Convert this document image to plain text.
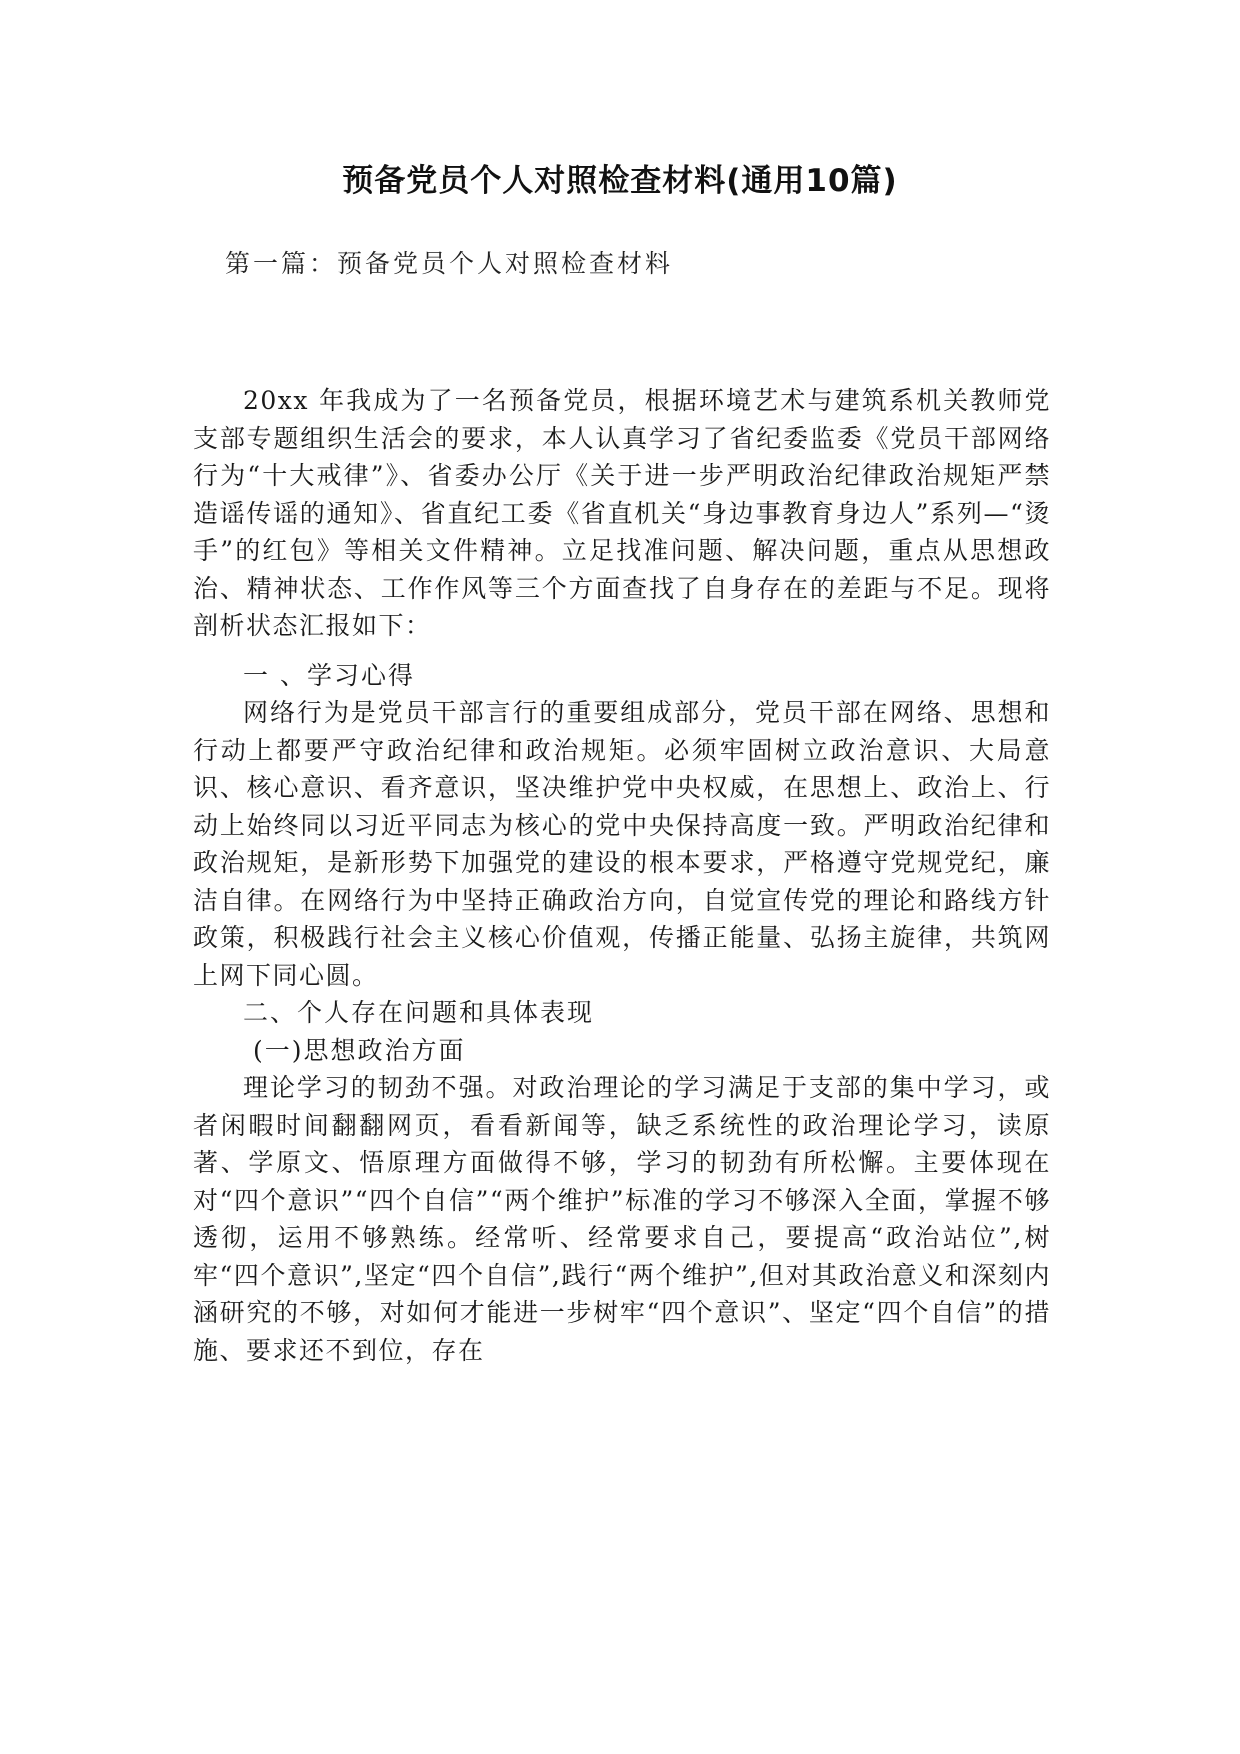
预备党员个人对照检查材料(通用10篇)
第一篇：预备党员个人对照检查材料

20xx 年我成为了一名预备党员，根据环境艺术与建筑系机关教师党支部专题组织生活会的要求，本人认真学习了省纪委监委《党员干部网络行为“十大戒律”》、省委办公厅《关于进一步严明政治纪律政治规矩严禁造谣传谣的通知》、省直纪工委《省直机关“身边事教育身边人”系列—“烫手”的红包》等相关文件精神。立足找准问题、解决问题，重点从思想政治、精神状态、工作作风等三个方面查找了自身存在的差距与不足。现将剖析状态汇报如下：

一 、学习心得

网络行为是党员干部言行的重要组成部分，党员干部在网络、思想和行动上都要严守政治纪律和政治规矩。必须牢固树立政治意识、大局意识、核心意识、看齐意识，坚决维护党中央权威，在思想上、政治上、行动上始终同以习近平同志为核心的党中央保持高度一致。严明政治纪律和政治规矩，是新形势下加强党的建设的根本要求，严格遵守党规党纪，廉洁自律。在网络行为中坚持正确政治方向，自觉宣传党的理论和路线方针政策，积极践行社会主义核心价值观，传播正能量、弘扬主旋律，共筑网上网下同心圆。

二、个人存在问题和具体表现

(一)思想政治方面

理论学习的韧劲不强。对政治理论的学习满足于支部的集中学习，或者闲暇时间翻翻网页，看看新闻等，缺乏系统性的政治理论学习，读原著、学原文、悟原理方面做得不够，学习的韧劲有所松懈。主要体现在对“四个意识”“四个自信”“两个维护”标准的学习不够深入全面，掌握不够透彻，运用不够熟练。经常听、经常要求自己，要提高“政治站位”,树牢“四个意识”,坚定“四个自信”,践行“两个维护”,但对其政治意义和深刻内涵研究的不够，对如何才能进一步树牢“四个意识”、坚定“四个自信”的措施、要求还不到位，存在
